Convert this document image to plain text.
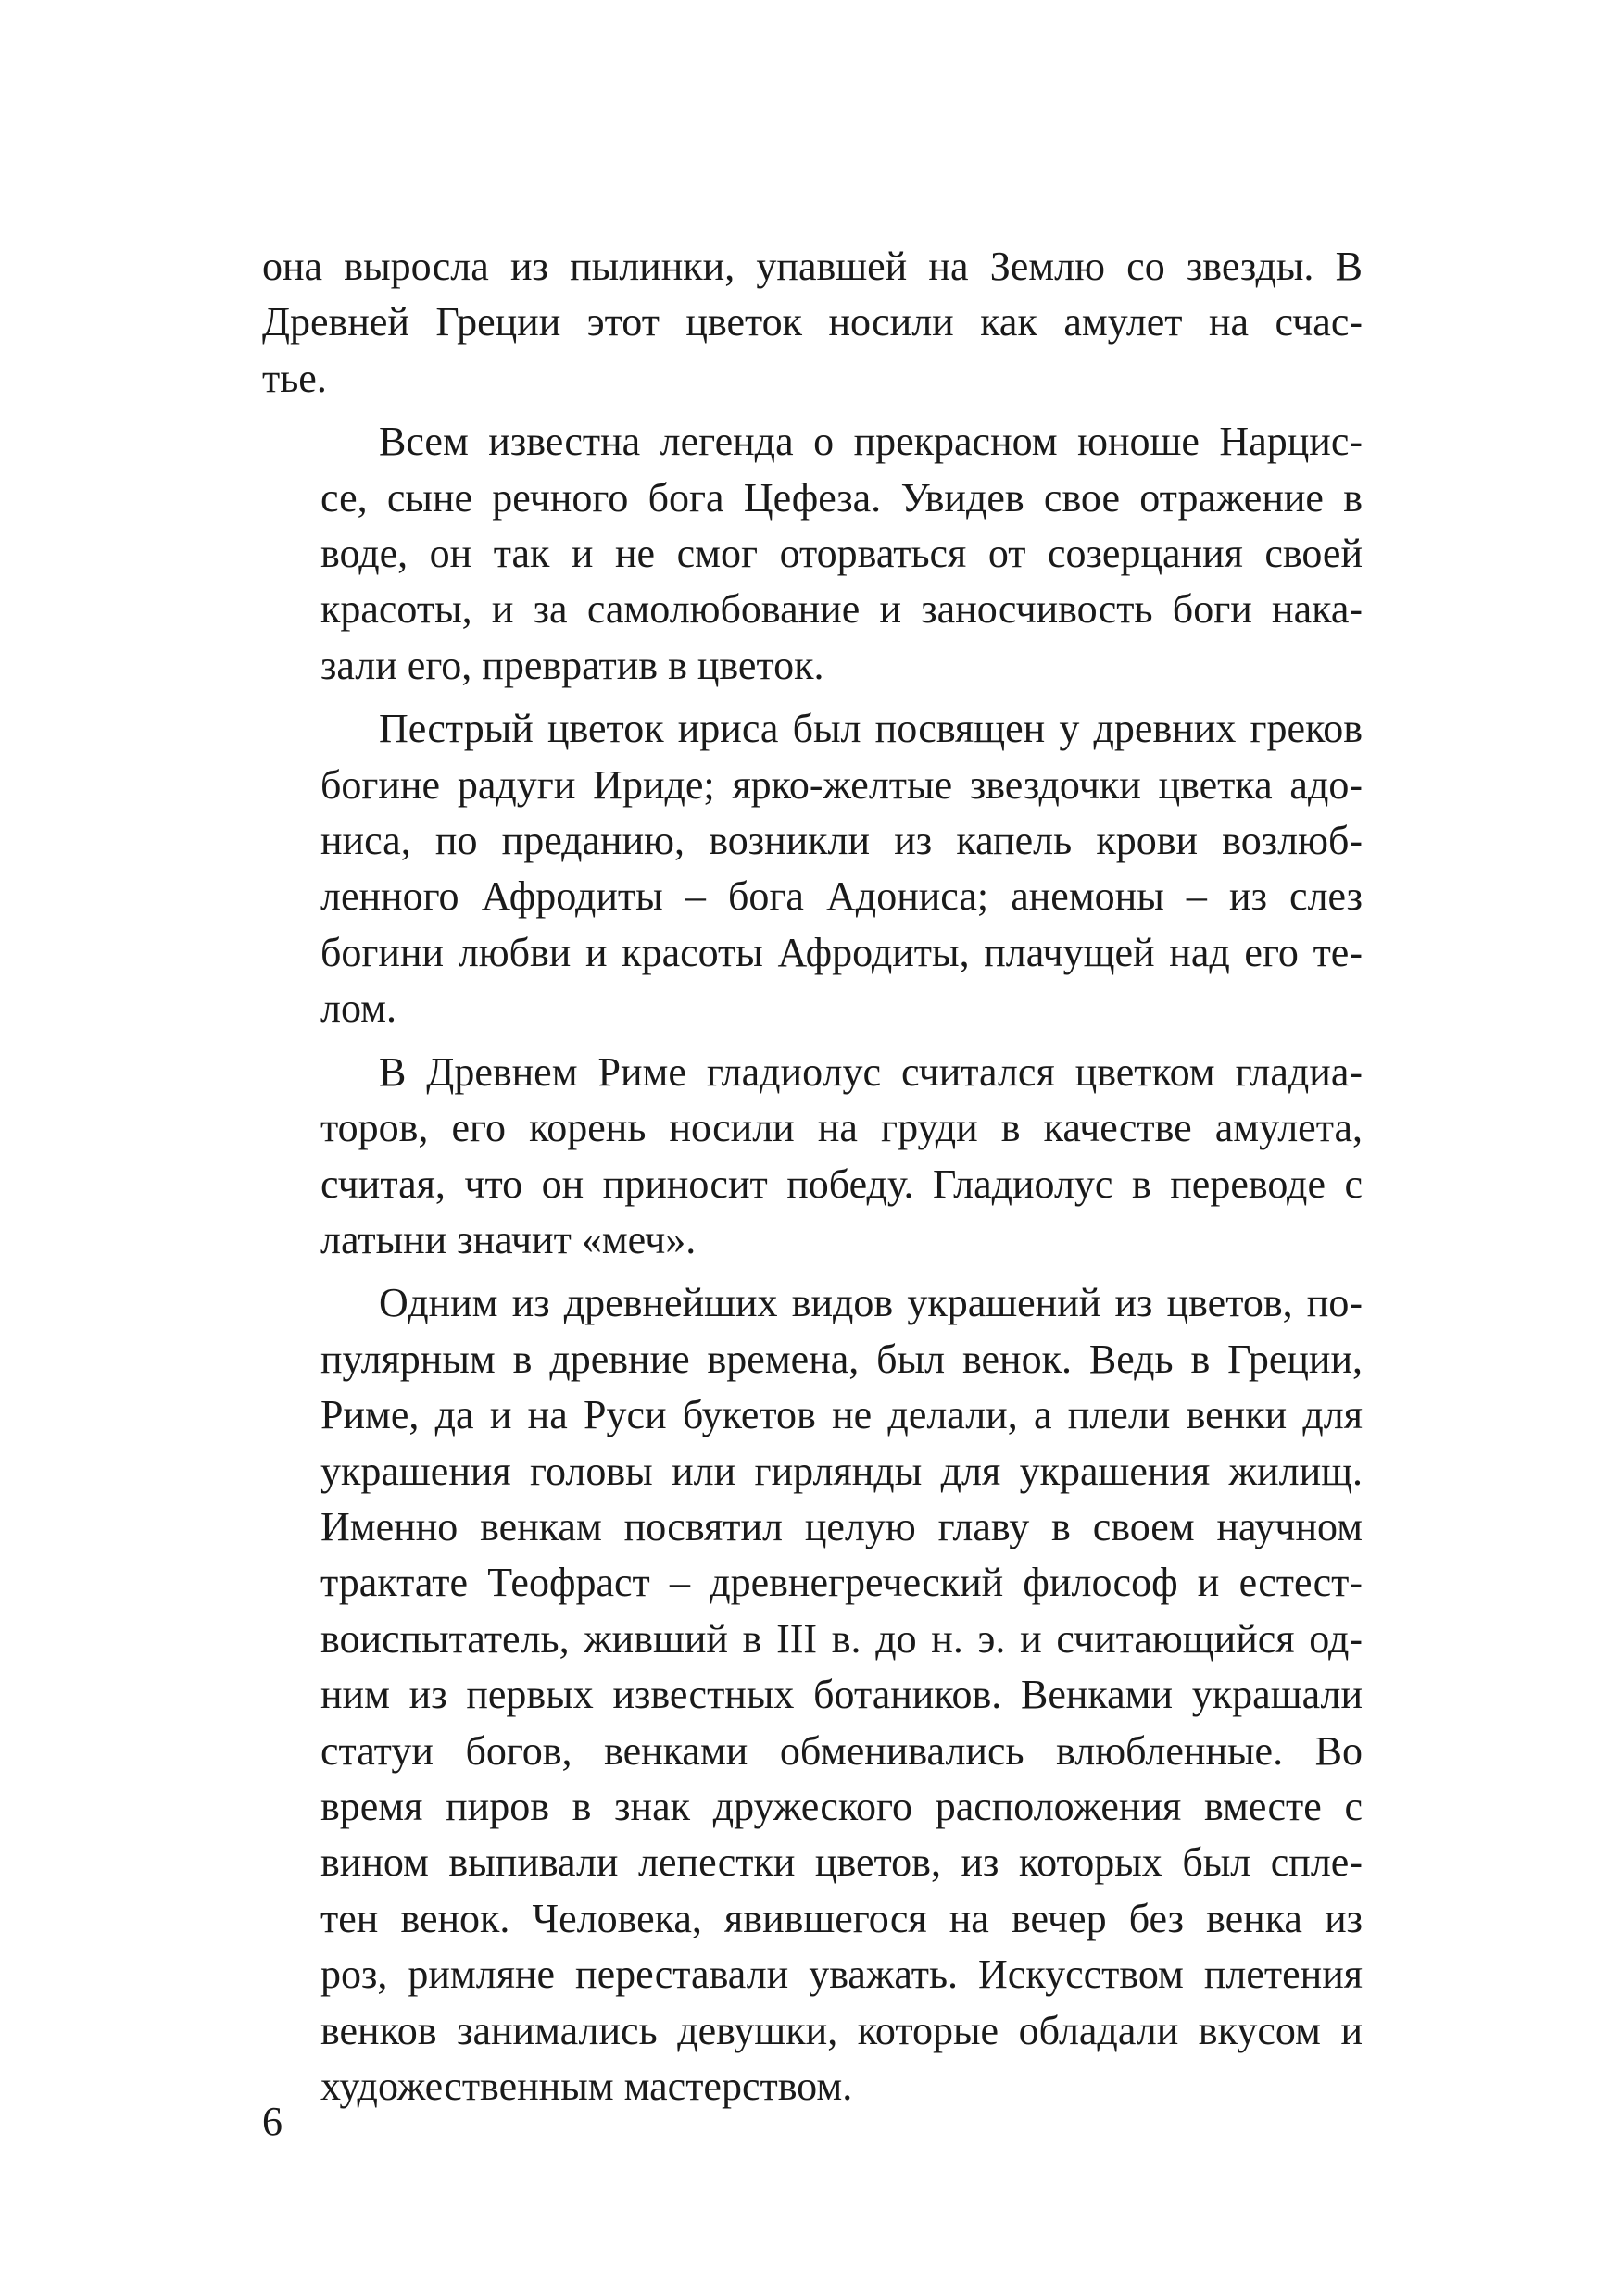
она выросла из пылинки, упавшей на Землю со звезды. В
Древней Греции этот цветок носили как амулет на счас-
тье.

Всем известна легенда о прекрасном юноше Нарцис-
се, сыне речного бога Цефеза. Увидев свое отражение в
воде, он так и не смог оторваться от созерцания своей
красоты, и за самолюбование и заносчивость боги нака-
зали его, превратив в цветок.

Пестрый цветок ириса был посвящен у древних греков
богине радуги Ириде; ярко-желтые звездочки цветка адо-
ниса, по преданию, возникли из капель крови возлюб-
ленного Афродиты – бога Адониса; анемоны – из слез
богини любви и красоты Афродиты, плачущей над его те-
лом.

В Древнем Риме гладиолус считался цветком гладиа-
торов, его корень носили на груди в качестве амулета,
считая, что он приносит победу. Гладиолус в переводе с
латыни значит «меч».

Одним из древнейших видов украшений из цветов, по-
пулярным в древние времена, был венок. Ведь в Греции,
Риме, да и на Руси букетов не делали, а плели венки для
украшения головы или гирлянды для украшения жилищ.
Именно венкам посвятил целую главу в своем научном
трактате Теофраст – древнегреческий философ и естест-
воиспытатель, живший в III в. до н. э. и считающийся од-
ним из первых известных ботаников. Венками украшали
статуи богов, венками обменивались влюбленные. Во
время пиров в знак дружеского расположения вместе с
вином выпивали лепестки цветов, из которых был спле-
тен венок. Человека, явившегося на вечер без венка из
роз, римляне переставали уважать. Искусством плетения
венков занимались девушки, которые обладали вкусом и
художественным мастерством.

6
